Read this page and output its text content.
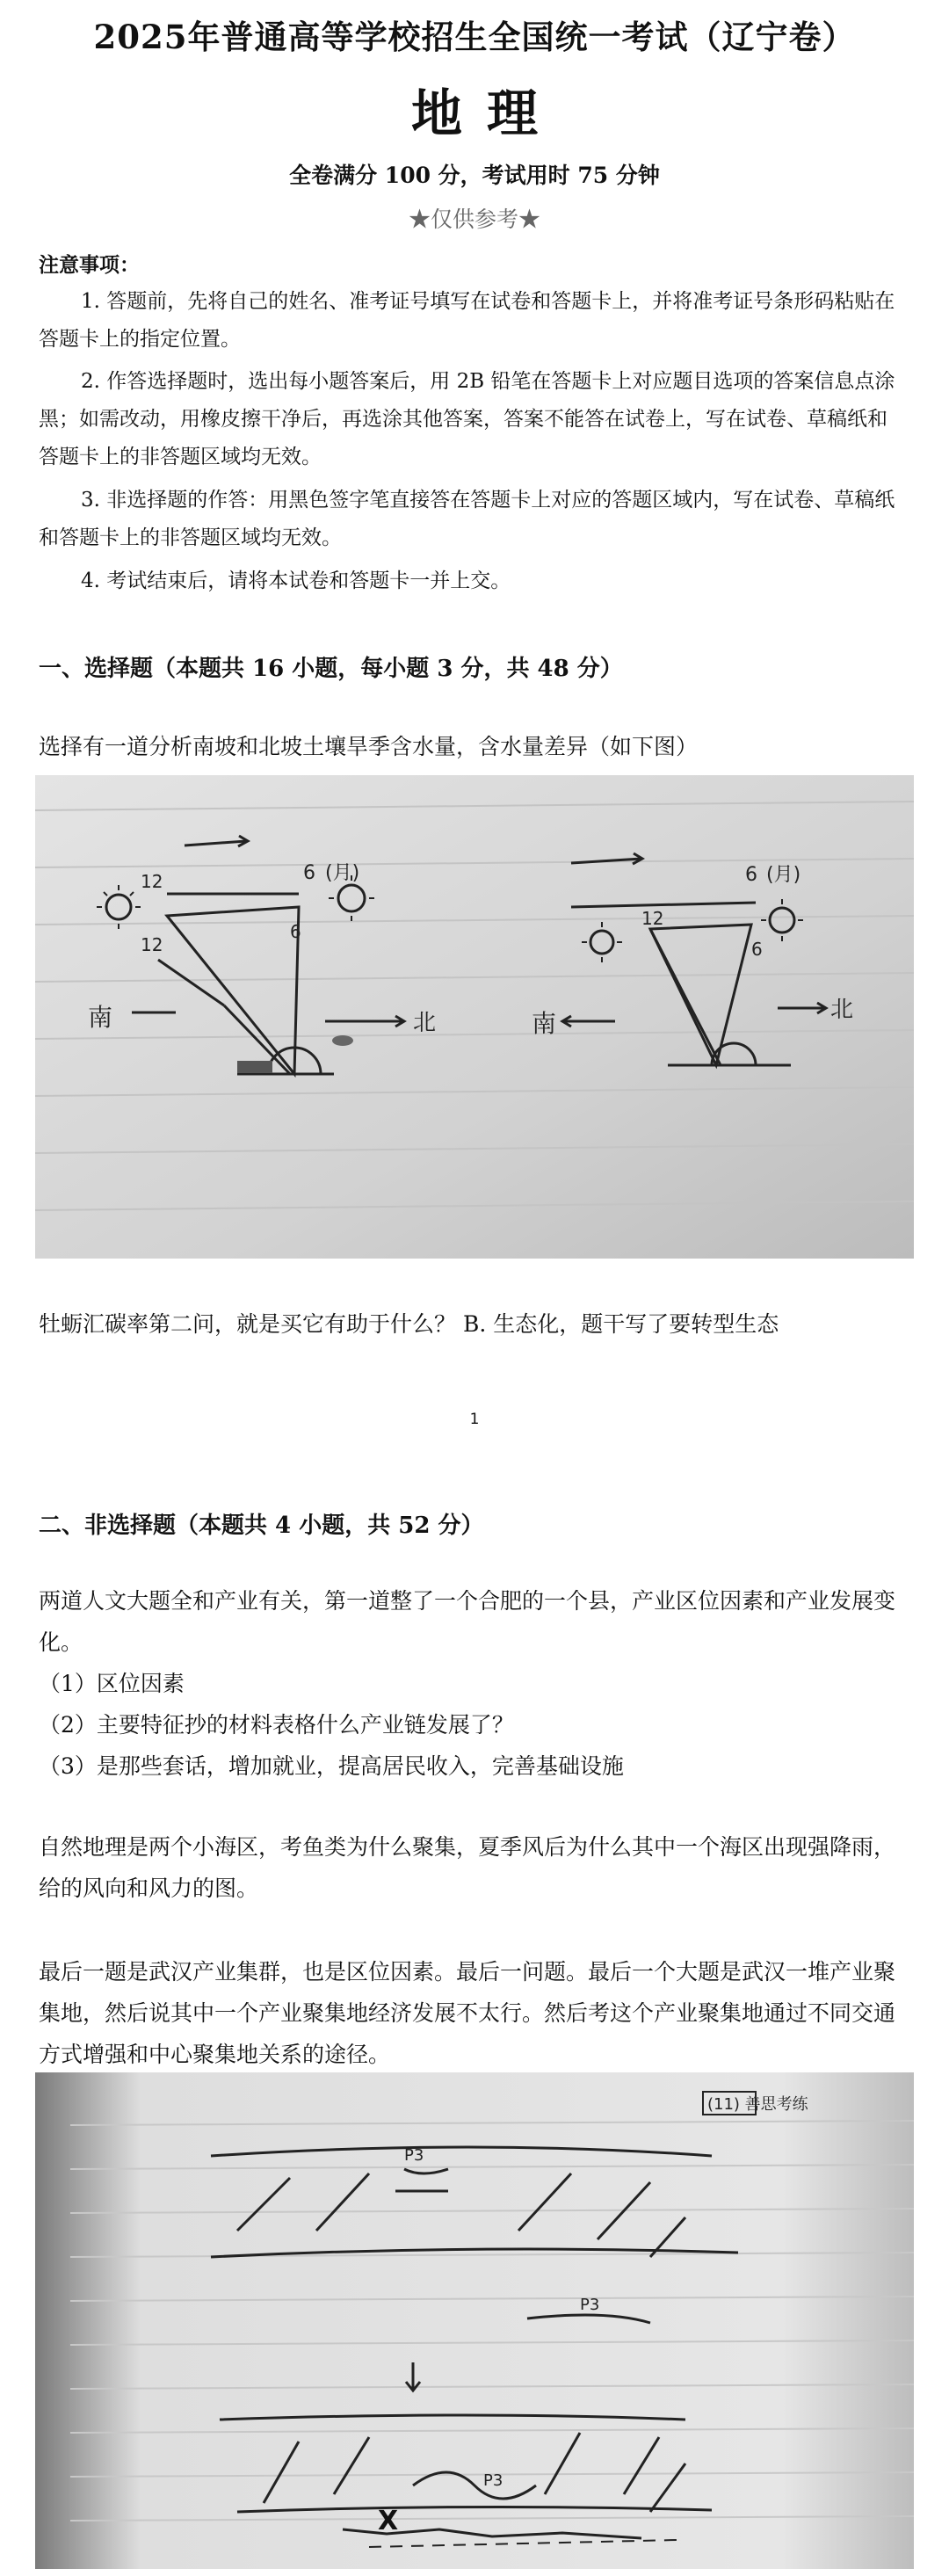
2025年普通高等学校招生全国统一考试（辽宁卷）
地理
全卷满分 100 分，考试用时 75 分钟
★仅供参考★
注意事项：
1. 答题前，先将自己的姓名、准考证号填写在试卷和答题卡上，并将准考证号条形码粘贴在答题卡上的指定位置。
2. 作答选择题时，选出每小题答案后，用 2B 铅笔在答题卡上对应题目选项的答案信息点涂黑；如需改动，用橡皮擦干净后，再选涂其他答案，答案不能答在试卷上，写在试卷、草稿纸和答题卡上的非答题区域均无效。
3. 非选择题的作答：用黑色签字笔直接答在答题卡上对应的答题区域内，写在试卷、草稿纸和答题卡上的非答题区域均无效。
4. 考试结束后，请将本试卷和答题卡一并上交。
一、选择题（本题共 16 小题，每小题 3 分，共 48 分）
选择有一道分析南坡和北坡土壤旱季含水量，含水量差异（如下图）
12
12
6 (月)
6
南	北
12
6 (月)
6
南	北
牡蛎汇碳率第二问，就是买它有助于什么？ B. 生态化，题干写了要转型生态
1
二、非选择题（本题共 4 小题，共 52 分）
两道人文大题全和产业有关，第一道整了一个合肥的一个县，产业区位因素和产业发展变化。
（1）区位因素
（2）主要特征抄的材料表格什么产业链发展了？
（3）是那些套话，增加就业，提高居民收入，完善基础设施
自然地理是两个小海区，考鱼类为什么聚集，夏季风后为什么其中一个海区出现强降雨，给的风向和风力的图。
最后一题是武汉产业集群，也是区位因素。最后一问题。最后一个大题是武汉一堆产业聚集地，然后说其中一个产业聚集地经济发展不太行。然后考这个产业聚集地通过不同交通方式增强和中心聚集地关系的途径。
(11) 善思考练
P3
P3
P3
X
